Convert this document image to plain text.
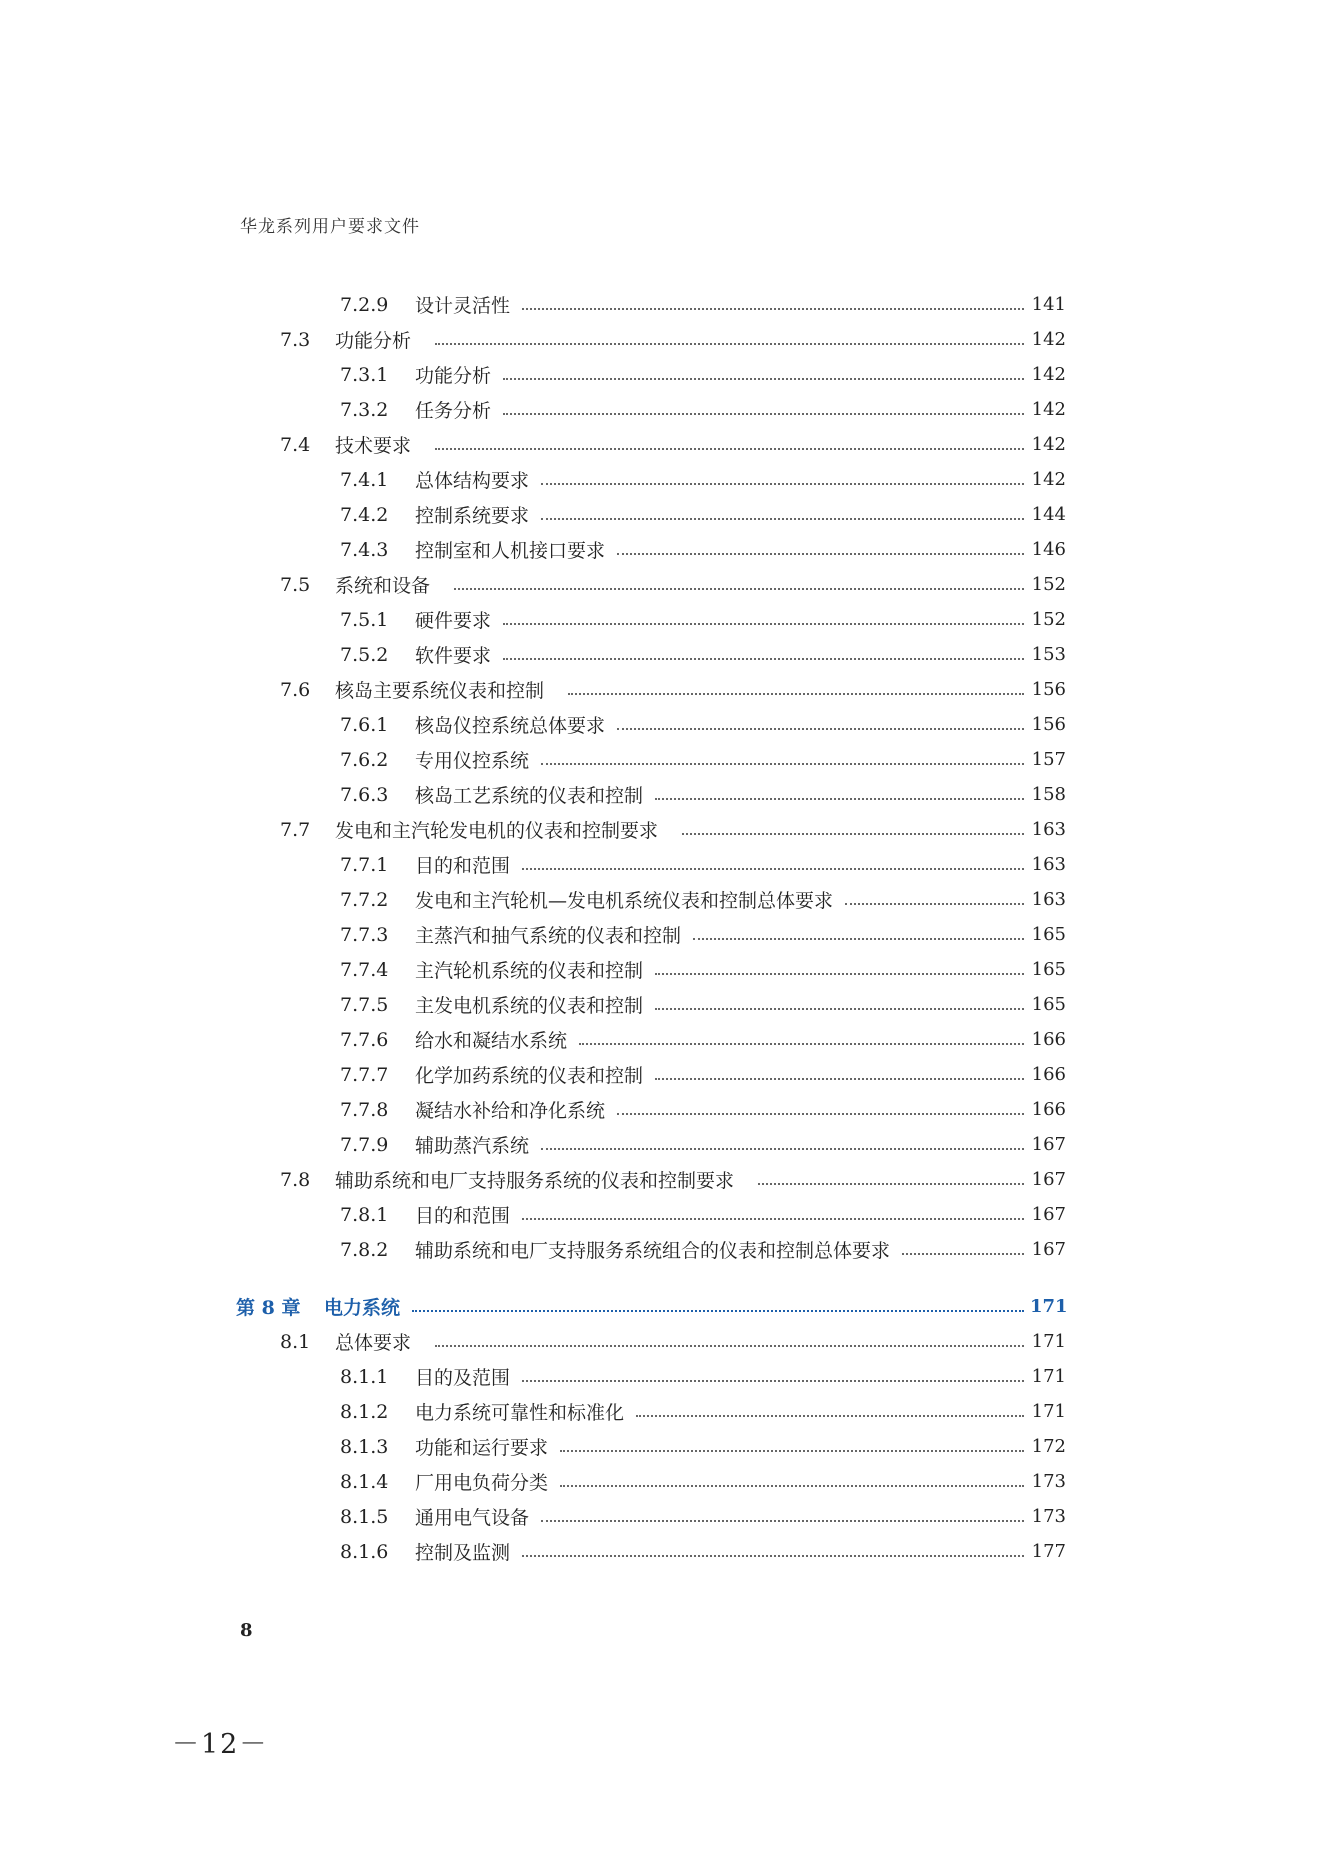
华龙系列用户要求文件
7.2.9	设计灵活性	141
7.3	功能分析	142
7.3.1	功能分析	142
7.3.2	任务分析	142
7.4	技术要求	142
7.4.1	总体结构要求	142
7.4.2	控制系统要求	144
7.4.3	控制室和人机接口要求	146
7.5	系统和设备	152
7.5.1	硬件要求	152
7.5.2	软件要求	153
7.6	核岛主要系统仪表和控制	156
7.6.1	核岛仪控系统总体要求	156
7.6.2	专用仪控系统	157
7.6.3	核岛工艺系统的仪表和控制	158
7.7	发电和主汽轮发电机的仪表和控制要求	163
7.7.1	目的和范围	163
7.7.2	发电和主汽轮机—发电机系统仪表和控制总体要求	163
7.7.3	主蒸汽和抽气系统的仪表和控制	165
7.7.4	主汽轮机系统的仪表和控制	165
7.7.5	主发电机系统的仪表和控制	165
7.7.6	给水和凝结水系统	166
7.7.7	化学加药系统的仪表和控制	166
7.7.8	凝结水补给和净化系统	166
7.7.9	辅助蒸汽系统	167
7.8	辅助系统和电厂支持服务系统的仪表和控制要求	167
7.8.1	目的和范围	167
7.8.2	辅助系统和电厂支持服务系统组合的仪表和控制总体要求	167
第 8 章	电力系统	171
8.1	总体要求	171
8.1.1	目的及范围	171
8.1.2	电力系统可靠性和标准化	171
8.1.3	功能和运行要求	172
8.1.4	厂用电负荷分类	173
8.1.5	通用电气设备	173
8.1.6	控制及监测	177
8
－12－
